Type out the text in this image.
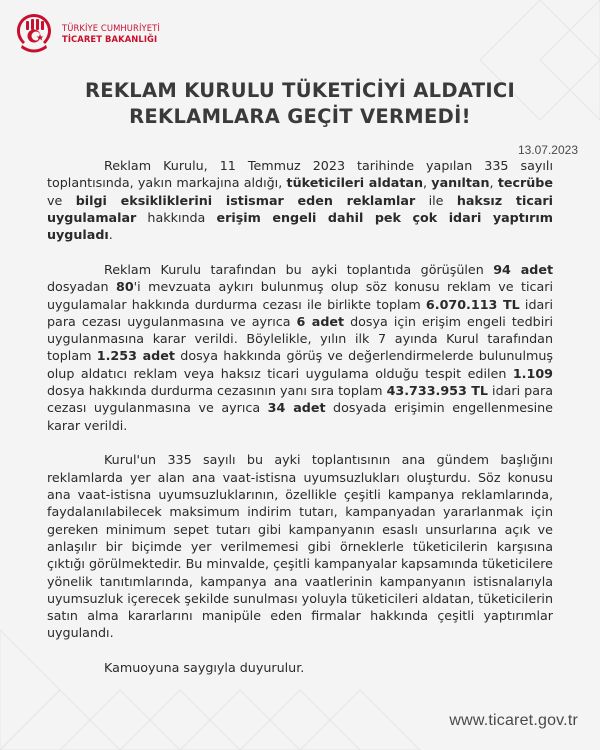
TÜRKİYE CUMHURİYETİ
TİCARET BAKANLIĞI
REKLAM KURULU TÜKETİCİYİ ALDATICI
REKLAMLARA GEÇİT VERMEDİ!
13.07.2023

Reklam Kurulu, 11 Temmuz 2023 tarihinde yapılan 335 sayılı toplantısında, yakın markajına aldığı, tüketicileri aldatan, yanıltan, tecrübe ve bilgi eksikliklerini istismar eden reklamlar ile haksız ticari uygulamalar hakkında erişim engeli dahil pek çok idari yaptırım uyguladı.

Reklam Kurulu tarafından bu ayki toplantıda görüşülen 94 adet dosyadan 80'i mevzuata aykırı bulunmuş olup söz konusu reklam ve ticari uygulamalar hakkında durdurma cezası ile birlikte toplam 6.070.113 TL idari para cezası uygulanmasına ve ayrıca 6 adet dosya için erişim engeli tedbiri uygulanmasına karar verildi. Böylelikle, yılın ilk 7 ayında Kurul tarafından toplam 1.253 adet dosya hakkında görüş ve değerlendirmelerde bulunulmuş olup aldatıcı reklam veya haksız ticari uygulama olduğu tespit edilen 1.109 dosya hakkında durdurma cezasının yanı sıra toplam 43.733.953 TL idari para cezası uygulanmasına ve ayrıca 34 adet dosyada erişimin engellenmesine karar verildi.

Kurul'un 335 sayılı bu ayki toplantısının ana gündem başlığını reklamlarda yer alan ana vaat-istisna uyumsuzlukları oluşturdu. Söz konusu ana vaat-istisna uyumsuzluklarının, özellikle çeşitli kampanya reklamlarında, faydalanılabilecek maksimum indirim tutarı, kampanyadan yararlanmak için gereken minimum sepet tutarı gibi kampanyanın esaslı unsurlarına açık ve anlaşılır bir biçimde yer verilmemesi gibi örneklerle tüketicilerin karşısına çıktığı görülmektedir. Bu minvalde, çeşitli kampanyalar kapsamında tüketicilere yönelik tanıtımlarında, kampanya ana vaatlerinin kampanyanın istisnalarıyla uyumsuzluk içerecek şekilde sunulması yoluyla tüketicileri aldatan, tüketicilerin satın alma kararlarını manipüle eden firmalar hakkında çeşitli yaptırımlar uygulandı.

Kamuoyuna saygıyla duyurulur.

www.ticaret.gov.tr
